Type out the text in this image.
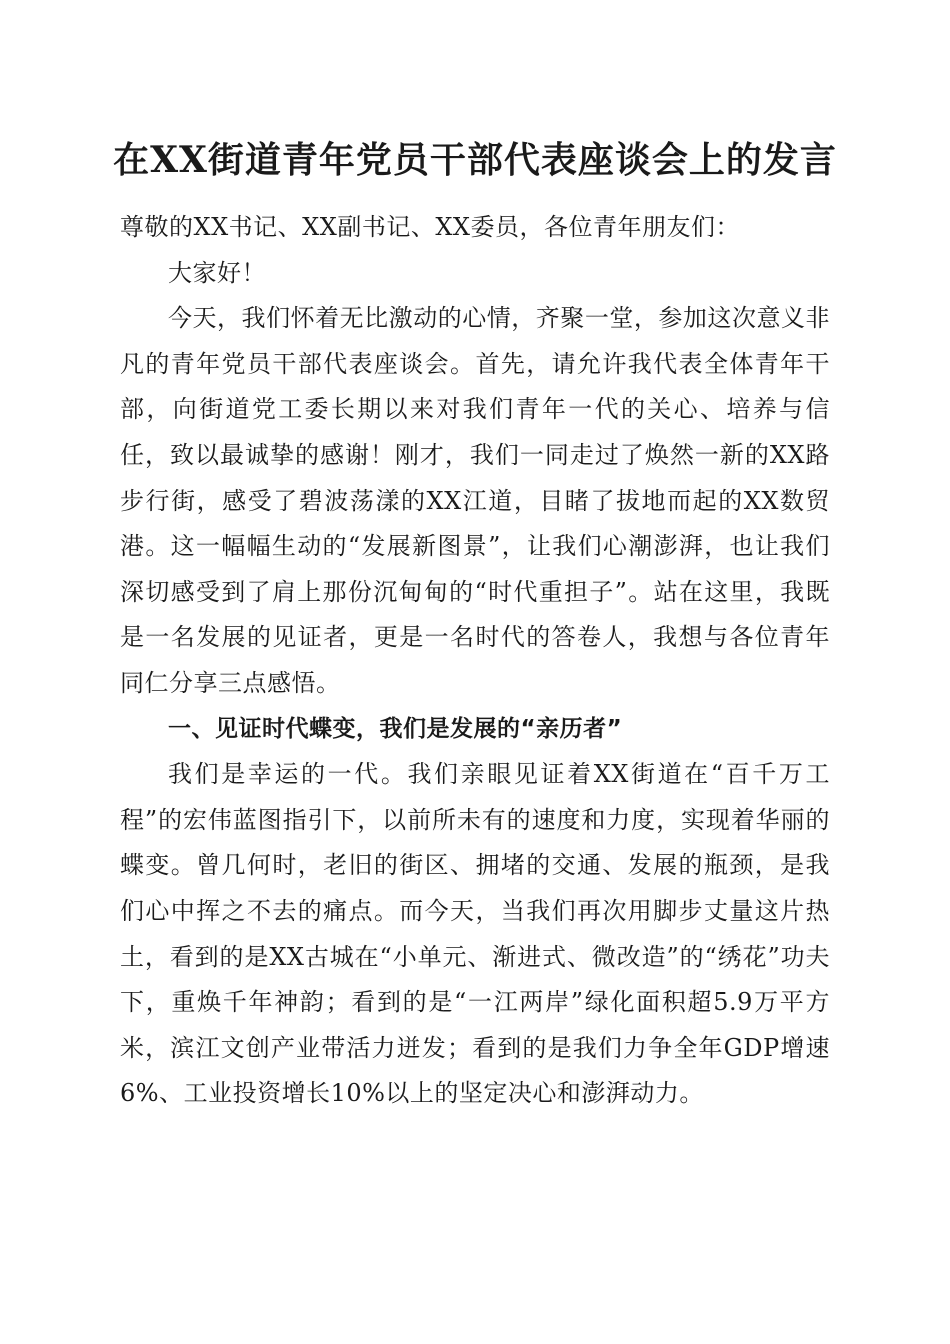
在XX街道青年党员干部代表座谈会上的发言

尊敬的XX书记、XX副书记、XX委员，各位青年朋友们：

大家好！

今天，我们怀着无比激动的心情，齐聚一堂，参加这次意义非凡的青年党员干部代表座谈会。首先，请允许我代表全体青年干部，向街道党工委长期以来对我们青年一代的关心、培养与信任，致以最诚挚的感谢！刚才，我们一同走过了焕然一新的XX路步行街，感受了碧波荡漾的XX江道，目睹了拔地而起的XX数贸港。这一幅幅生动的“发展新图景”，让我们心潮澎湃，也让我们深切感受到了肩上那份沉甸甸的“时代重担子”。站在这里，我既是一名发展的见证者，更是一名时代的答卷人，我想与各位青年同仁分享三点感悟。

一、见证时代蝶变，我们是发展的“亲历者”

我们是幸运的一代。我们亲眼见证着XX街道在“百千万工程”的宏伟蓝图指引下，以前所未有的速度和力度，实现着华丽的蝶变。曾几何时，老旧的街区、拥堵的交通、发展的瓶颈，是我们心中挥之不去的痛点。而今天，当我们再次用脚步丈量这片热土，看到的是XX古城在“小单元、渐进式、微改造”的“绣花”功夫下，重焕千年神韵；看到的是“一江两岸”绿化面积超5.9万平方米，滨江文创产业带活力迸发；看到的是我们力争全年GDP增速6%、工业投资增长10%以上的坚定决心和澎湃动力。
